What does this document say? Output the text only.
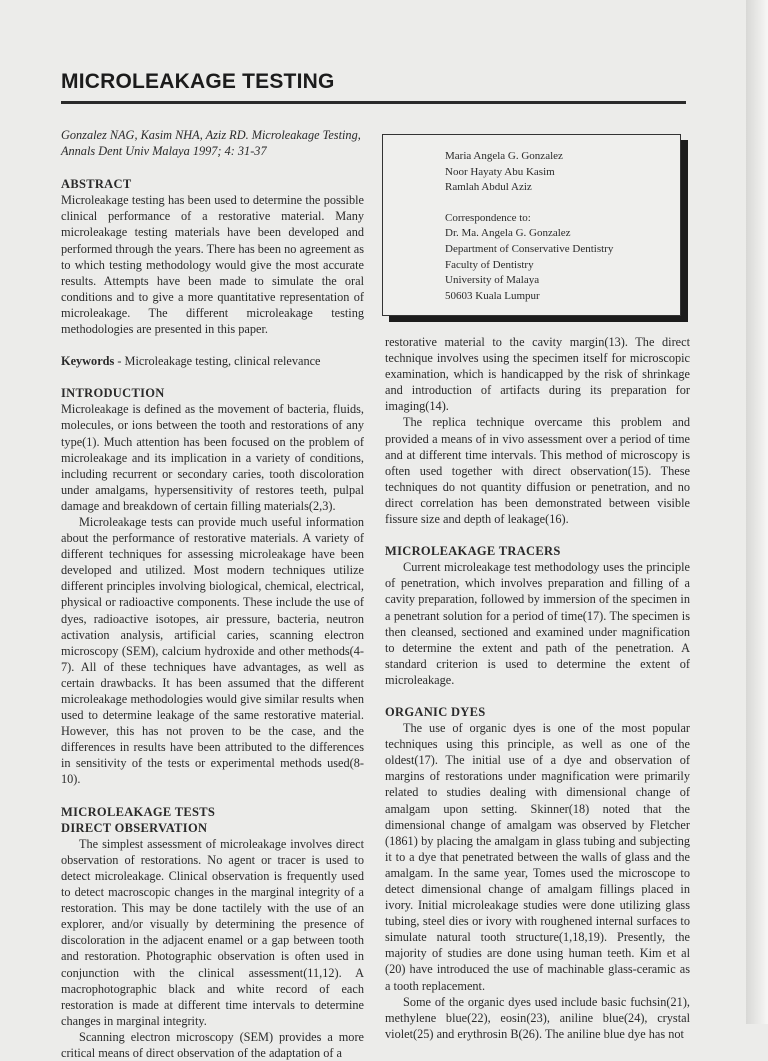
MICROLEAKAGE TESTING

Gonzalez NAG, Kasim NHA, Aziz RD. Microleakage Testing, Annals Dent Univ Malaya 1997; 4: 31-37

ABSTRACT

Microleakage testing has been used to determine the possible clinical performance of a restorative material. Many microleakage testing materials have been developed and performed through the years. There has been no agreement as to which testing methodology would give the most accurate results. Attempts have been made to simulate the oral conditions and to give a more quantitative representation of microleakage. The different microleakage testing methodologies are presented in this paper.

Keywords - Microleakage testing, clinical relevance

INTRODUCTION

Microleakage is defined as the movement of bacteria, fluids, molecules, or ions between the tooth and restorations of any type(1). Much attention has been focused on the problem of microleakage and its implication in a variety of conditions, including recurrent or secondary caries, tooth discoloration under amalgams, hypersensitivity of restores teeth, pulpal damage and breakdown of certain filling materials(2,3).

Microleakage tests can provide much useful information about the performance of restorative materials. A variety of different techniques for assessing microleakage have been developed and utilized. Most modern techniques utilize different principles involving biological, chemical, electrical, physical or radioactive components. These include the use of dyes, radioactive isotopes, air pressure, bacteria, neutron activation analysis, artificial caries, scanning electron microscopy (SEM), calcium hydroxide and other methods(4-7). All of these techniques have advantages, as well as certain drawbacks. It has been assumed that the different microleakage methodologies would give similar results when used to determine leakage of the same restorative material. However, this has not proven to be the case, and the differences in results have been attributed to the differences in sensitivity of the tests or experimental methods used(8-10).

MICROLEAKAGE TESTS
DIRECT OBSERVATION

The simplest assessment of microleakage involves direct observation of restorations. No agent or tracer is used to detect microleakage. Clinical observation is frequently used to detect macroscopic changes in the marginal integrity of a restoration. This may be done tactilely with the use of an explorer, and/or visually by determining the presence of discoloration in the adjacent enamel or a gap between tooth and restoration. Photographic observation is often used in conjunction with the clinical assessment(11,12). A macrophotographic black and white record of each restoration is made at different time intervals to determine changes in marginal integrity.

Scanning electron microscopy (SEM) provides a more critical means of direct observation of the adaptation of a

Maria Angela G. Gonzalez
Noor Hayaty Abu Kasim
Ramlah Abdul Aziz
Correspondence to:
Dr. Ma. Angela G. Gonzalez
Department of Conservative Dentistry
Faculty of Dentistry
University of Malaya
50603 Kuala Lumpur

restorative material to the cavity margin(13). The direct technique involves using the specimen itself for microscopic examination, which is handicapped by the risk of shrinkage and introduction of artifacts during its preparation for imaging(14).

The replica technique overcame this problem and provided a means of in vivo assessment over a period of time and at different time intervals. This method of microscopy is often used together with direct observation(15). These techniques do not quantity diffusion or penetration, and no direct correlation has been demonstrated between visible fissure size and depth of leakage(16).

MICROLEAKAGE TRACERS

Current microleakage test methodology uses the principle of penetration, which involves preparation and filling of a cavity preparation, followed by immersion of the specimen in a penetrant solution for a period of time(17). The specimen is then cleansed, sectioned and examined under magnification to determine the extent and path of the penetration. A standard criterion is used to determine the extent of microleakage.

ORGANIC DYES

The use of organic dyes is one of the most popular techniques using this principle, as well as one of the oldest(17). The initial use of a dye and observation of margins of restorations under magnification were primarily related to studies dealing with dimensional change of amalgam upon setting. Skinner(18) noted that the dimensional change of amalgam was observed by Fletcher (1861) by placing the amalgam in glass tubing and subjecting it to a dye that penetrated between the walls of glass and the amalgam. In the same year, Tomes used the microscope to detect dimensional change of amalgam fillings placed in ivory. Initial microleakage studies were done utilizing glass tubing, steel dies or ivory with roughened internal surfaces to simulate natural tooth structure(1,18,19). Presently, the majority of studies are done using human teeth. Kim et al (20) have introduced the use of machinable glass-ceramic as a tooth replacement.

Some of the organic dyes used include basic fuchsin(21), methylene blue(22), eosin(23), aniline blue(24), crystal violet(25) and erythrosin B(26). The aniline blue dye has not
